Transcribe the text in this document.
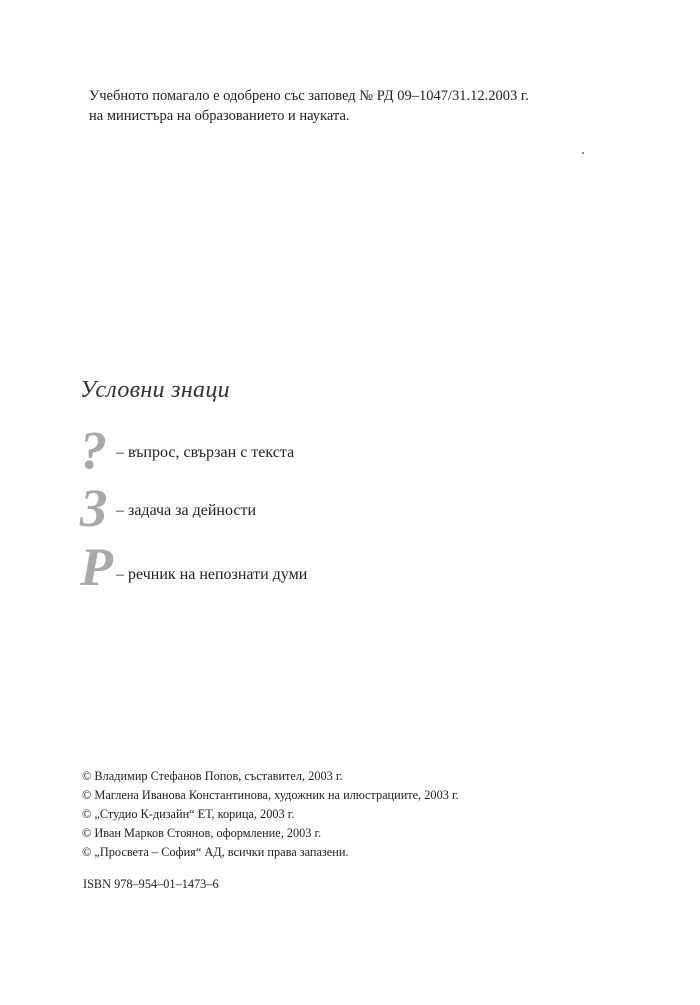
Учебното помагало е одобрено със заповед № РД 09–1047/31.12.2003 г.
на министъра на образованието и науката.
Условни знаци
? – въпрос, свързан с текста
З – задача за дейности
Р – речник на непознати думи
© Владимир Стефанов Попов, съставител, 2003 г.
© Маглена Иванова Константинова, художник на илюстрациите, 2003 г.
© „Студио К-дизайн“ ЕТ, корица, 2003 г.
© Иван Марков Стоянов, оформление, 2003 г.
© „Просвета – София“ АД, всички права запазени.
ISBN 978–954–01–1473–6
